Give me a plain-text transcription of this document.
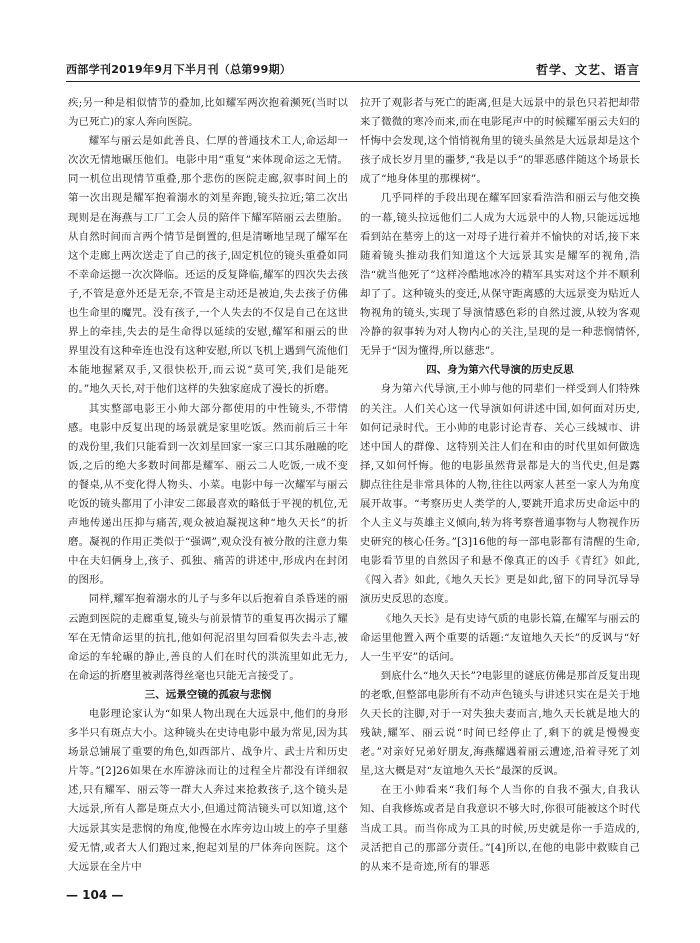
西部学刊2019年9月下半月刊（总第99期）	哲学、文艺、语言

疾;另一种是相似情节的叠加,比如耀军两次抱着濒死(当时以为已死亡)的家人奔向医院。

耀军与丽云是如此善良、仁厚的普通技术工人,命运却一次次无情地碾压他们。电影中用“重复”来体现命运之无情。同一机位出现情节重叠,那个悲伤的医院走廊,叙事时间上的第一次出现是耀军抱着溺水的刘星奔跑,镜头拉近;第二次出现则是在海燕与工厂工会人员的陪伴下耀军陪丽云去堕胎。从自然时间而言两个情节是倒置的,但是清晰地呈现了耀军在这个走廊上两次送走了自己的孩子,固定机位的镜头重叠如同不幸命运摁一次次降临。还运的反复降临,耀军的四次失去孩子,不管是意外还是无奈,不管是主动还是被迫,失去孩子仿佛也生命里的魔咒。没有孩子,一个人失去的不仅是自己在这世界上的牵挂,失去的是生命得以延续的安慰,耀军和丽云的世界里没有这种牵连也没有这种安慰,所以飞机上遇到气流他们本能地握紧双手,又很快松开,而云说“莫可笑,我们是能死的。”地久天长,对于他们这样的失独家庭成了漫长的折磨。

其实整部电影王小帅大部分都使用的中性镜头,不带情感。电影中反复出现的场景就是家里吃饭。然而前后三十年的戏份里,我们只能看到一次刘星回家一家三口其乐融融的吃饭,之后的绝大多数时间都是耀军、丽云二人吃饭,一成不变的餐桌,从不变化得人物头、小菜。电影中每一次耀军与丽云吃饭的镜头都用了小津安二郎最喜欢的略低于平视的机位,无声地传递出压抑与痛苦,观众被迫凝视这种“地久天长”的折磨。凝视的作用正类似于“强调”,观众没有被分散的注意力集中在夫妇俩身上,孩子、孤独、痛苦的讲述中,形成内在封闭的图形。

同样,耀军抱着溺水的儿子与多年以后抱着自杀昏迷的丽云跑到医院的走廊重复,镜头与前景情节的重复再次揭示了耀军在无情命运里的抗扎,他如何泥沼里勾回看似失去斗志,被命运的车轮碾的静止,善良的人们在时代的洪流里如此无力,在命运的折磨里被剥落得丝毫也只能无言接受了。

三、远景空镜的孤寂与悲悯

电影理论家认为“如果人物出现在大远景中,他们的身形多半只有斑点大小。这种镜头在史诗电影中最为常见,因为其场景总铺展了重要的角色,如西部片、战争片、武士片和历史片等。”[2]26如果在水库游泳而让的过程全片都没有详细叙述,只有耀军、丽云等一群大人奔过来抢救孩子,这个镜头是大远景,所有人都是斑点大小,但通过简洁镜头可以知道,这个大远景其实是悲悯的角度,他慢在水库旁边山坡上的亭子里慈爱无情,或者大人们跑过来,抱起刘星的尸体奔向医院。这个大远景在全片中

拉开了观影者与死亡的距离,但是大远景中的景色只若把却带来了微微的寒冷而来,而在电影尾声中的时候耀军丽云夫妇的忏悔中会发现,这个悄悄视角里的镜头虽然是大远景却是这个孩子成长岁月里的噩梦,“我是以手”的罪恶感伴随这个场景长成了“地身体里的那棵树”。

几乎同样的手段出现在耀军回家看浩浩和丽云与他交换的一幕,镜头拉远他们二人成为大远景中的人物,只能远远地看到站在墓旁上的这一对母子进行着并不愉快的对话,接下来随着镜头推动我们知道这个大远景其实是耀军的视角,浩浩“就当他死了”这样冷酷地冰冷的精军具实对这个并不顺利却了了。这种镜头的变迁,从保守距离感的大远景变为贴近人物视角的镜头,实现了导演情感色彩的自然过渡,从较为客观冷静的叙事转为对人物内心的关注,呈现的是一种悲悯情怀,无异于“因为懂得,所以慈悲”。

四、身为第六代导演的历史反思

身为第六代导演,王小帅与他的同辈们一样受到人们特殊的关注。人们关心这一代导演如何讲述中国,如何面对历史,如何记录时代。王小帅的电影讨论青春、关心三线城市、讲述中国人的群像、这特别关注人们在和由的时代里如何做选择,又如何忏悔。他的电影虽然背景都是大的当代史,但是露脚点往往是非常具体的人物,往往以两家人甚至一家人为角度展开故事。“考察历史人类学的人,要跳开追求历史命运中的个人主义与英雄主义倾向,转为将考察普通事物与人物视作历史研究的核心任务。”[3]16他的每一部电影都有清醒的生命,电影看节里的自然因子和悬不像真正的凶手《青红》如此,《闯入者》如此,《地久天长》更是如此,留下的同导沉导导演历史反思的态度。

《地久天长》是有史诗气质的电影长篇,在耀军与丽云的命运里他置入两个重要的话题:“友谊地久天长”的反讽与“好人一生平安”的话问。

到底什么“地久天长”?电影里的谜底仿佛是那首反复出现的老歌,但整部电影所有不动声色镜头与讲述只实在是关于地久天长的注脚,对于一对失独夫妻而言,地久天长就是地大的残缺,耀军、丽云说“时间已经停止了,剩下的就是慢慢变老。”对亲好兄弟好朋友,海燕耀遇着丽云遭迹,沿着寻死了刘星,这大概是对“友谊地久天长”最深的反讽。

在王小帅看来“我们每个人当你的自我不强大,自我认知、自我修炼或者是自我意识不够大时,你很可能被这个时代当成工具。而当你成为工具的时候,历史就是你一手造成的,灵活把自己的那部分责任。”[4]所以,在他的电影中救赎自己的从来不是奇迹,所有的罪恶

— 104 —
